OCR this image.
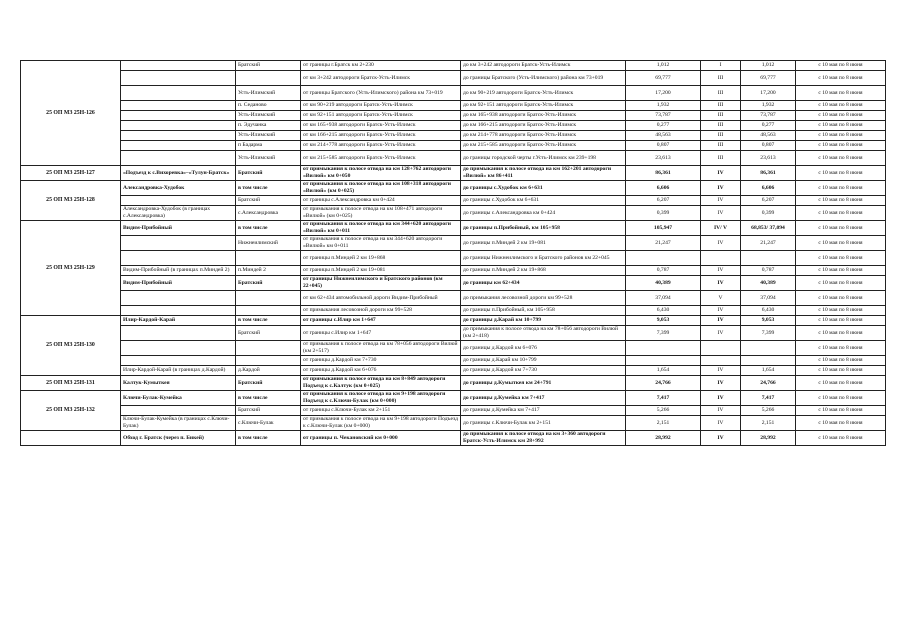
25 ОП МЗ 25Н-126		Братский	от границы г.Братск км 2+230	до км 3+242 автодороги Братск-Усть-Илимск	1,012	I	1,012	с 10 мая по 8 июня
			от км 3+242 автодороги Братск-Усть-Илимск	до границы Братского (Усть-Илимского) района км 73+019	69,777	III	69,777	с 10 мая по 8 июня
		Усть-Илимский	от границы Братского (Усть-Илимского) района км 73+019	до км 90+219 автодороги Братск-Усть-Илимск	17,200	III	17,200	с 10 мая по 8 июня
		п. Седаново	от км 90+219 автодороги Братск-Усть-Илимск	до км 92+151 автодороги Братск-Усть-Илимск	1,932	III	1,932	с 10 мая по 8 июня
		Усть-Илимский	от км 92+151 автодороги Братск-Усть-Илимск	до км 165+938 автодороги Братск-Усть-Илимск	73,787	III	73,787	с 10 мая по 8 июня
		п. Эдучанка	от км 165+938 автодороги Братск-Усть-Илимск	до км 166+215 автодороги Братск-Усть-Илимск	0,277	III	0,277	с 10 мая по 8 июня
		Усть-Илимский	от км 166+215 автодороги Братск-Усть-Илимск	до км 214+778 автодороги Братск-Усть-Илимск	48,563	III	48,563	с 10 мая по 8 июня
		п Бадарма	от км 214+778 автодороги Братск-Усть-Илимск	до км 215+585 автодороги Братск-Усть-Илимск	0,807	III	0,807	с 10 мая по 8 июня
		Усть-Илимский	от км 215+585 автодороги Братск-Усть-Илимск	до границы городской черты г.Усть-Илимск км 239+198	23,613	III	23,613	с 10 мая по 8 июня
25 ОП МЗ 25Н-127	«Подъезд к с.Вихоревка»–«Тулун-Братск»	Братский	от примыкания к полосе отвода на км 128+762 автодороги «Вилюй» км 0+050	до примыкания к полосе отвода на км 162+201 автодороги «Вилюй» км 86+411	86,361	IV	86,361	с 10 мая по 8 июня
25 ОП МЗ 25Н-128	Александровка-Худобок	в том числе	от примыкания к полосе отвода на км 108+318 автодороги «Вилюй» (км 0+025)	до границы с.Худобок км 6+631	6,606	IV	6,606	с 10 мая по 8 июня
		Братский	от границы с.Александровка км 0+424	до границы с.Худобок км 6+631	6,207	IV	6,207	с 10 мая по 8 июня
	Александровка-Худобок (в границах с.Александровка)	с.Александровка	от примыкания к полосе отвода на км 108+471 автодороги «Вилюй» (км 0+025)	до границы с.Александровка км 0+424	0,399	IV	0,399	с 10 мая по 8 июня
25 ОП МЗ 25Н-129	Видим-Прибойный	в том числе	от примыкания к полосе отвода на км 344+620 автодороги «Вилюй» км 0+011	до границы п.Прибойный, км 105+958	105,947	IV/ V	68,853/ 37,094	с 10 мая по 8 июня
		Нижнеилимский	от примыкания к полосе отвода на км 344+620 автодороги «Вилюй» км 0+011	до границы п.Миндей 2 км 19+081	21,247	IV	21,247	с 10 мая по 8 июня
			от границы п.Миндей 2 км 19+868	до границы Нижнеилимского и Братского районов км 22+045				с 10 мая по 8 июня
	Видим-Прибойный (в границах п.Миндей 2)	п.Миндей 2	от границы п.Миндей 2 км 19+081	до границы п.Миндей 2 км 19+868	0,787	IV	0,787	с 10 мая по 8 июня
	Видим-Прибойный	Братский	от границы Нижнеилимского и Братского районов (км 22+045)	до границы км 62+434	40,389	IV	40,389	с 10 мая по 8 июня
			от км 62+434 автомобильной дороги Видим-Прибойный	до примыкания лесовозной дороги км 99+528	37,094	V	37,094	с 10 мая по 8 июня
			от примыкания лесовозной дороги км 99+528	до границы п.Прибойный, км 105+958	6,430	IV	6,430	с 10 мая по 8 июня
25 ОП МЗ 25Н-130	Илир-Кардой-Карай	в том числе	от границы с.Илир км 1+647	до границы д.Карай км 10+799	9,053	IV	9,053	с 10 мая по 8 июня
		Братский	от границы с.Илир км 1+647	до примыкания к полосе отвода на км 78+056 автодороги Вилюй (км 2+418)	7,399	IV	7,399	с 10 мая по 8 июня
			от примыкания к полосе отвода на км 78+056 автодороги Вилюй (км 2+517)	до границы д.Кардой км 6+076				с 10 мая по 8 июня
			от границы д.Кардой км 7+730	до границы д.Карай км 10+799				с 10 мая по 8 июня
	Илир-Кардой-Карай (в границах д.Кардой)	д.Кардой	от границы д.Кардой км 6+076	до границы д.Кардой км 7+730	1,654	IV	1,654	с 10 мая по 8 июня
25 ОП МЗ 25Н-131	Калтук-Кумыткея	Братский	от примыкания к полосе отвода на км 8+849 автодороги Подъезд к с.Калтук (км 0+025)	до границы д.Кумыткея км 24+791	24,766	IV	24,766	с 10 мая по 8 июня
25 ОП МЗ 25Н-132	Ключи-Булак-Кумейка	в том числе	от примыкания к полосе отвода на км 9+198 автодороги Подъезд к с.Ключи-Булак (км 0+000)	до границы д.Кумейка км 7+417	7,417	IV	7,417	с 10 мая по 8 июня
		Братский	от границы с.Ключи-Булак км 2+151	до границы д.Кумейка км 7+417	5,266	IV	5,266	с 10 мая по 8 июня
	Ключи-Булак-Кумейка (в границах с.Ключи-Булак)	с.Ключи-Булак	от примыкания к полосе отвода на км 9+198 автодороги Подъезд к с.Ключи-Булак (км 0+000)	до границы с.Ключи-Булак км 2+151	2,151	IV	2,151	с 10 мая по 8 июня
	Обход г. Братск (через п. Бикей)	в том числе	от границы п. Чекановский км 0+000	до примыкания к полосе отвода на км 3+360 автодороги Братск-Усть-Илимск км 28+992	28,992	IV	28,992	с 10 мая по 8 июня
